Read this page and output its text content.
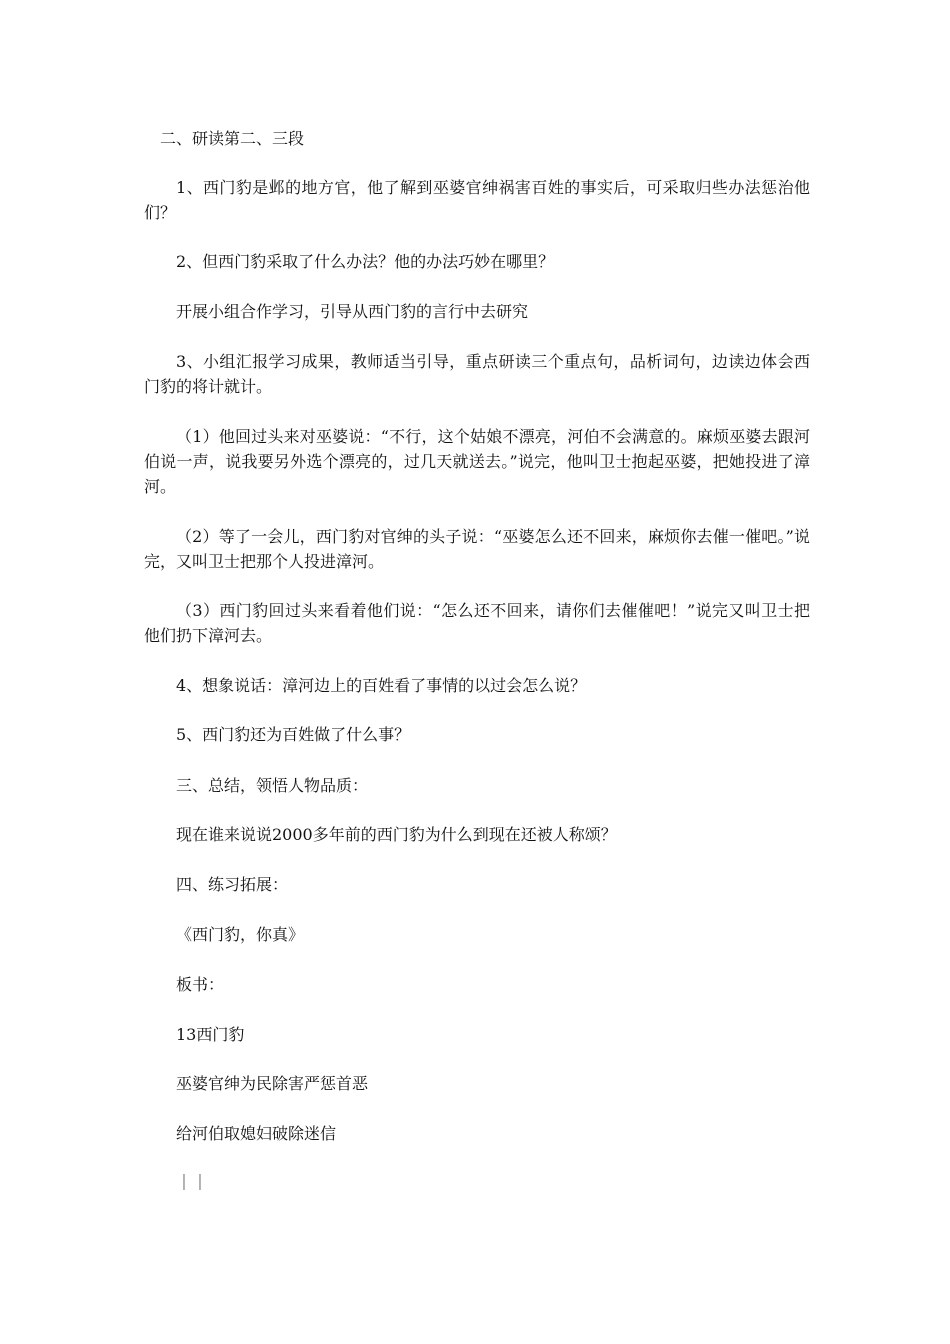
二、研读第二、三段

1、西门豹是邺的地方官，他了解到巫婆官绅祸害百姓的事实后，可采取归些办法惩治他们？

2、但西门豹采取了什么办法？他的办法巧妙在哪里？

开展小组合作学习，引导从西门豹的言行中去研究

3、小组汇报学习成果，教师适当引导，重点研读三个重点句，品析词句，边读边体会西门豹的将计就计。

（1）他回过头来对巫婆说：“不行，这个姑娘不漂亮，河伯不会满意的。麻烦巫婆去跟河伯说一声，说我要另外选个漂亮的，过几天就送去。”说完，他叫卫士抱起巫婆，把她投进了漳河。

（2）等了一会儿，西门豹对官绅的头子说：“巫婆怎么还不回来，麻烦你去催一催吧。”说完，又叫卫士把那个人投进漳河。

（3）西门豹回过头来看着他们说：“怎么还不回来，请你们去催催吧！”说完又叫卫士把他们扔下漳河去。

4、想象说话：漳河边上的百姓看了事情的以过会怎么说？

5、西门豹还为百姓做了什么事？

三、总结，领悟人物品质：

现在谁来说说2000多年前的西门豹为什么到现在还被人称颂？

四、练习拓展：

《西门豹，你真》

板书：

13西门豹

巫婆官绅为民除害严惩首恶

给河伯取媳妇破除迷信

｜｜
